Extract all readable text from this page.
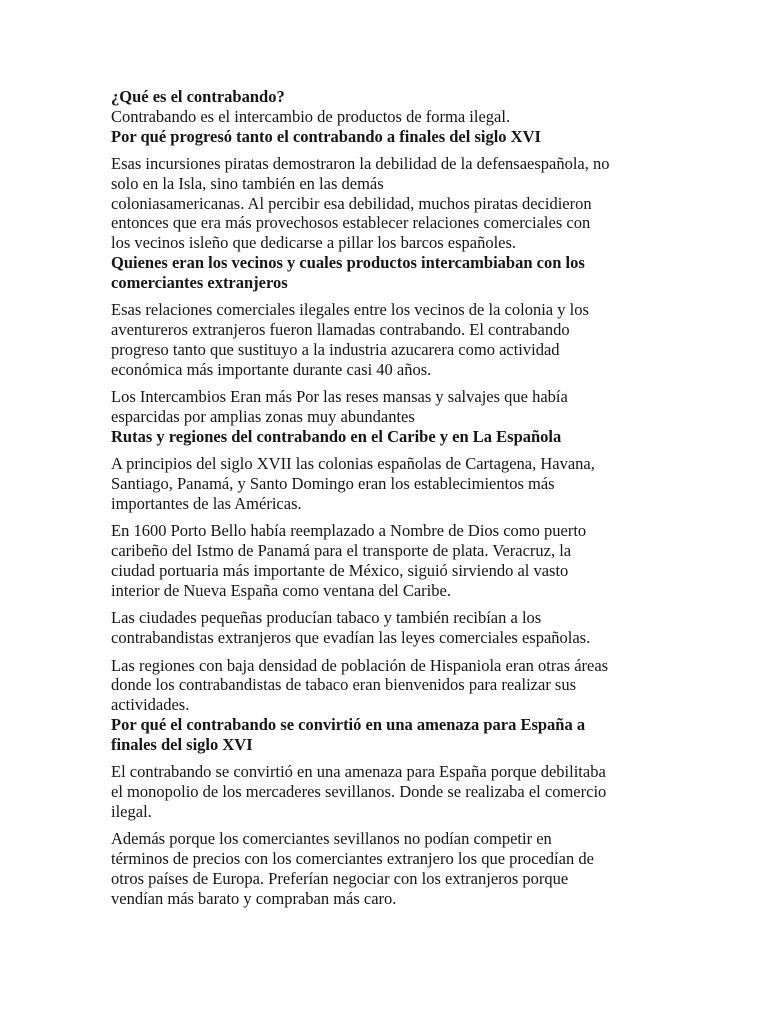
¿Qué es el contrabando?
Contrabando es el intercambio de productos de forma ilegal.
Por qué progresó tanto el contrabando a finales del siglo XVI
Esas incursiones piratas demostraron la debilidad de la defensaespañola, no
solo en la Isla, sino también en las demás
coloniasamericanas. Al percibir esa debilidad, muchos piratas decidieron
entonces que era más provechosos establecer relaciones comerciales con
los vecinos isleño que dedicarse a pillar los barcos españoles.
Quienes eran los vecinos y cuales productos intercambiaban con los
comerciantes extranjeros
Esas relaciones comerciales ilegales entre los vecinos de la colonia y los
aventureros extranjeros fueron llamadas contrabando. El contrabando
progreso tanto que sustituyo a la industria azucarera como actividad
económica más importante durante casi 40 años.
Los Intercambios Eran más Por las reses mansas y salvajes que había
esparcidas por amplias zonas muy abundantes
Rutas y regiones del contrabando en el Caribe y en La Española
A principios del siglo XVII las colonias españolas de Cartagena, Havana,
Santiago, Panamá, y Santo Domingo eran los establecimientos más
importantes de las Américas.
En 1600 Porto Bello había reemplazado a Nombre de Dios como puerto
caribeño del Istmo de Panamá para el transporte de plata. Veracruz, la
ciudad portuaria más importante de México, siguió sirviendo al vasto
interior de Nueva España como ventana del Caribe.
Las ciudades pequeñas producían tabaco y también recibían a los
contrabandistas extranjeros que evadían las leyes comerciales españolas.
Las regiones con baja densidad de población de Hispaniola eran otras áreas
donde los contrabandistas de tabaco eran bienvenidos para realizar sus
actividades.
Por qué el contrabando se convirtió en una amenaza para España a
finales del siglo XVI
El contrabando se convirtió en una amenaza para España porque debilitaba
el monopolio de los mercaderes sevillanos. Donde se realizaba el comercio
ilegal.
Además porque los comerciantes sevillanos no podían competir en
términos de precios con los comerciantes extranjero los que procedían de
otros países de Europa. Preferían negociar con los extranjeros porque
vendían más barato y compraban más caro.
